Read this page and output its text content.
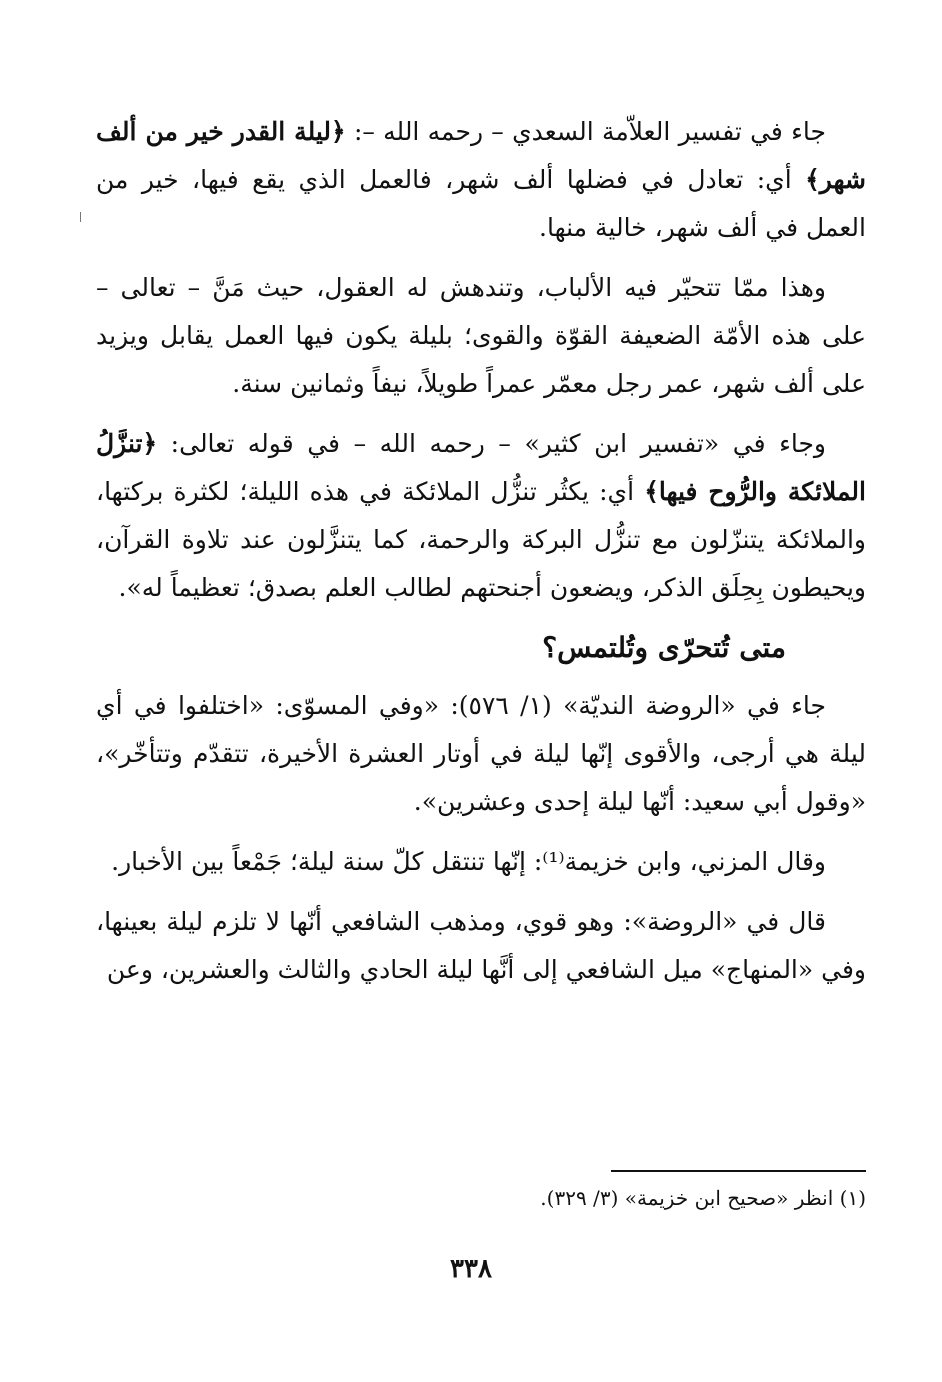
جاء في تفسير العلاّمة السعدي – رحمه الله –: ﴿ليلة القدر خير من ألف شهر﴾ أي: تعادل في فضلها ألف شهر، فالعمل الذي يقع فيها، خير من العمل في ألف شهر، خالية منها.

وهذا ممّا تتحيّر فيه الألباب، وتندهش له العقول، حيث مَنَّ – تعالى – على هذه الأمّة الضعيفة القوّة والقوى؛ بليلة يكون فيها العمل يقابل ويزيد على ألف شهر، عمر رجل معمّر عمراً طويلاً، نيفاً وثمانين سنة.

وجاء في «تفسير ابن كثير» – رحمه الله – في قوله تعالى: ﴿تنزَّلُ الملائكة والرُّوح فيها﴾ أي: يكثُر تنزُّل الملائكة في هذه الليلة؛ لكثرة بركتها، والملائكة يتنزّلون مع تنزُّل البركة والرحمة، كما يتنزَّلون عند تلاوة القرآن، ويحيطون بِحِلَق الذكر، ويضعون أجنحتهم لطالب العلم بصدق؛ تعظيماً له».

متى تُتحرّى وتُلتمس؟

جاء في «الروضة النديّة» (١/ ٥٧٦): «وفي المسوّى: «اختلفوا في أي ليلة هي أرجى، والأقوى إنّها ليلة في أوتار العشرة الأخيرة، تتقدّم وتتأخّر»، «وقول أبي سعيد: أنّها ليلة إحدى وعشرين».

وقال المزني، وابن خزيمة⁽¹⁾: إنّها تنتقل كلّ سنة ليلة؛ جَمْعاً بين الأخبار.

قال في «الروضة»: وهو قوي، ومذهب الشافعي أنّها لا تلزم ليلة بعينها، وفي «المنهاج» ميل الشافعي إلى أنَّها ليلة الحادي والثالث والعشرين، وعن

(١) انظر «صحيح ابن خزيمة» (٣/ ٣٢٩).
٣٣٨
